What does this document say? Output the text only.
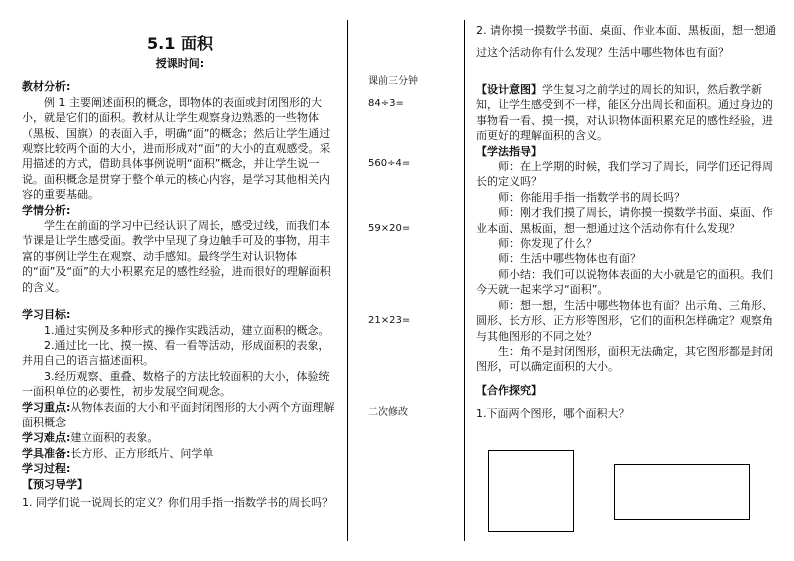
5.1 面积

授课时间:

教材分析:

例 1 主要阐述面积的概念，即物体的表面或封闭图形的大小，就是它们的面积。教材从让学生观察身边熟悉的一些物体（黑板、国旗）的表面入手，明确“面”的概念；然后让学生通过观察比较两个面的大小，进而形成对“面”的大小的直观感受。采用描述的方式，借助具体事例说明“面积”概念，并让学生说一说。面积概念是贯穿于整个单元的核心内容，是学习其他相关内容的重要基础。

学情分析:

学生在前面的学习中已经认识了周长，感受过线，而我们本节课是让学生感受面。教学中呈现了身边触手可及的事物，用丰富的事例让学生在观察、动手感知。最终学生对认识物体的“面”及“面”的大小积累充足的感性经验，进而很好的理解面积的含义。

学习目标:

1.通过实例及多种形式的操作实践活动，建立面积的概念。

2.通过比一比、摸一摸、看一看等活动，形成面积的表象，并用自己的语言描述面积。

3.经历观察、重叠、数格子的方法比较面积的大小，体验统一面积单位的必要性，初步发展空间观念。

学习重点:从物体表面的大小和平面封闭图形的大小两个方面理解面积概念

学习难点:建立面积的表象。

学具准备:长方形、正方形纸片、问学单

学习过程:

【预习导学】

1. 同学们说一说周长的定义？你们用手指一指数学书的周长吗？

课前三分钟
84÷3=
560÷4=
59×20=
21×23=
二次修改

2. 请你摸一摸数学书面、桌面、作业本面、黑板面，想一想通过这个活动你有什么发现？生活中哪些物体也有面？

【设计意图】学生复习之前学过的周长的知识，然后教学新知，让学生感受到不一样，能区分出周长和面积。通过身边的事物看一看、摸一摸，对认识物体面积累充足的感性经验，进而更好的理解面积的含义。

【学法指导】

师：在上学期的时候，我们学习了周长，同学们还记得周长的定义吗？

师：你能用手指一指数学书的周长吗？

师：刚才我们摸了周长，请你摸一摸数学书面、桌面、作业本面、黑板面，想一想通过这个活动你有什么发现？

师：你发现了什么？

师：生活中哪些物体也有面？

师小结：我们可以说物体表面的大小就是它的面积。我们今天就一起来学习“面积”。

师：想一想，生活中哪些物体也有面？出示角、三角形、圆形、长方形、正方形等图形，它们的面积怎样确定？观察角与其他图形的不同之处？

生：角不是封闭图形，面积无法确定，其它图形都是封闭图形，可以确定面积的大小。

【合作探究】

1.下面两个图形，哪个面积大？
